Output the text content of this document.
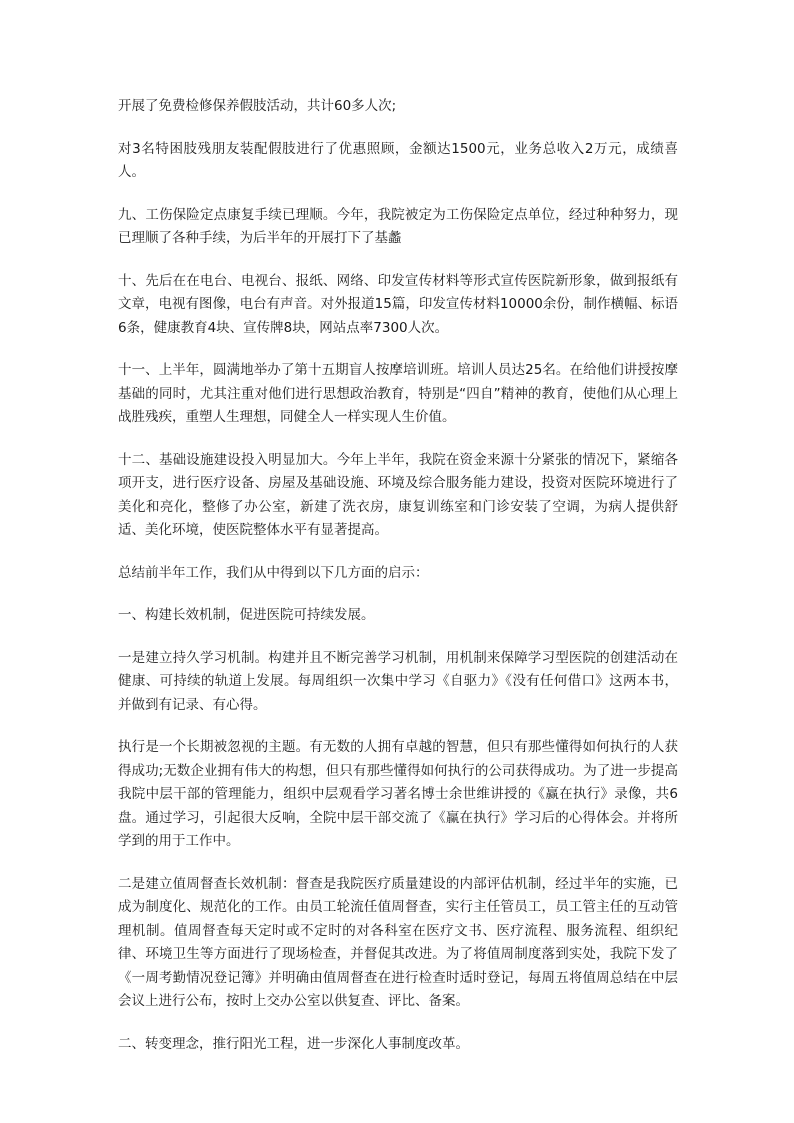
开展了免费检修保养假肢活动，共计60多人次;

对3名特困肢残朋友装配假肢进行了优惠照顾，金额达1500元，业务总收入2万元，成绩喜人。

九、工伤保险定点康复手续已理顺。今年，我院被定为工伤保险定点单位，经过种种努力，现已理顺了各种手续，为后半年的开展打下了基蠡

十、先后在在电台、电视台、报纸、网络、印发宣传材料等形式宣传医院新形象，做到报纸有文章，电视有图像，电台有声音。对外报道15篇，印发宣传材料10000余份，制作横幅、标语6条，健康教育4块、宣传牌8块，网站点率7300人次。

十一、上半年，圆满地举办了第十五期盲人按摩培训班。培训人员达25名。在给他们讲授按摩基础的同时，尤其注重对他们进行思想政治教育，特别是“四自”精神的教育，使他们从心理上战胜残疾，重塑人生理想，同健全人一样实现人生价值。

十二、基础设施建设投入明显加大。今年上半年，我院在资金来源十分紧张的情况下，紧缩各项开支，进行医疗设备、房屋及基础设施、环境及综合服务能力建设，投资对医院环境进行了美化和亮化，整修了办公室，新建了洗衣房，康复训练室和门诊安装了空调，为病人提供舒适、美化环境，使医院整体水平有显著提高。

总结前半年工作，我们从中得到以下几方面的启示：

一、构建长效机制，促进医院可持续发展。

一是建立持久学习机制。构建并且不断完善学习机制，用机制来保障学习型医院的创建活动在健康、可持续的轨道上发展。每周组织一次集中学习《自驱力》《没有任何借口》这两本书，并做到有记录、有心得。

执行是一个长期被忽视的主题。有无数的人拥有卓越的智慧，但只有那些懂得如何执行的人获得成功;无数企业拥有伟大的构想，但只有那些懂得如何执行的公司获得成功。为了进一步提高我院中层干部的管理能力，组织中层观看学习著名博士余世维讲授的《赢在执行》录像，共6盘。通过学习，引起很大反响，全院中层干部交流了《赢在执行》学习后的心得体会。并将所学到的用于工作中。

二是建立值周督查长效机制：督查是我院医疗质量建设的内部评估机制，经过半年的实施，已成为制度化、规范化的工作。由员工轮流任值周督查，实行主任管员工，员工管主任的互动管理机制。值周督查每天定时或不定时的对各科室在医疗文书、医疗流程、服务流程、组织纪律、环境卫生等方面进行了现场检查，并督促其改进。为了将值周制度落到实处，我院下发了《一周考勤情况登记簿》并明确由值周督查在进行检查时适时登记，每周五将值周总结在中层会议上进行公布，按时上交办公室以供复查、评比、备案。

二、转变理念，推行阳光工程，进一步深化人事制度改革。
